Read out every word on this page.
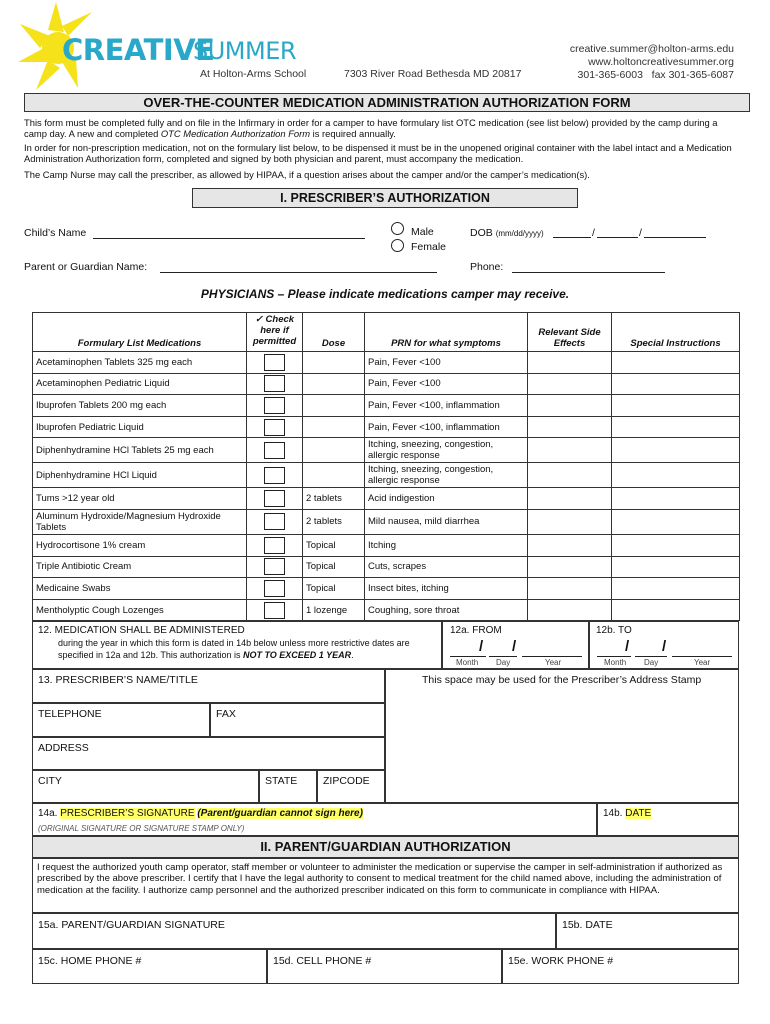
CREATIVE
SUMMER
At Holton-Arms School	7303 River Road Bethesda MD 20817
creative.summer@holton-arms.edu
www.holtoncreativesummer.org
301-365-6003 fax 301-365-6087
OVER-THE-COUNTER MEDICATION ADMINISTRATION AUTHORIZATION FORM
This form must be completed fully and on file in the Infirmary in order for a camper to have formulary list OTC medication (see list below) provided by the camp during a camp day. A new and completed OTC Medication Authorization Form is required annually.
In order for non-prescription medication, not on the formulary list below, to be dispensed it must be in the unopened original container with the label intact and a Medication Administration Authorization form, completed and signed by both physician and parent, must accompany the medication.
The Camp Nurse may call the prescriber, as allowed by HIPAA, if a question arises about the camper and/or the camper’s medication(s).
I. PRESCRIBER’S AUTHORIZATION
Child’s Name	Male
Female
DOB (mm/dd/yyyy)	/	/
Parent or Guardian Name:	Phone:
PHYSICIANS – Please indicate medications camper may receive.
Formulary List Medications	✓ Check here if permitted	Dose	PRN for what symptoms	Relevant Side Effects	Special Instructions
Acetaminophen Tablets 325 mg each			Pain, Fever <100		
Acetaminophen Pediatric Liquid			Pain, Fever <100		
Ibuprofen Tablets 200 mg each			Pain, Fever <100, inflammation		
Ibuprofen Pediatric Liquid			Pain, Fever <100, inflammation		
Diphenhydramine HCl Tablets 25 mg each			Itching, sneezing, congestion, allergic response		
Diphenhydramine HCl Liquid			Itching, sneezing, congestion, allergic response		
Tums >12 year old		2 tablets	Acid indigestion		
Aluminum Hydroxide/Magnesium Hydroxide Tablets		2 tablets	Mild nausea, mild diarrhea		
Hydrocortisone 1% cream		Topical	Itching		
Triple Antibiotic Cream		Topical	Cuts, scrapes		
Medicaine Swabs		Topical	Insect bites, itching		
Mentholyptic Cough Lozenges		1 lozenge	Coughing, sore throat		
12. MEDICATION SHALL BE ADMINISTERED
during the year in which this form is dated in 14b below unless more restrictive dates are specified in 12a and 12b. This authorization is NOT TO EXCEED 1 YEAR.
12a. FROM	12b. TO
/ /
Month Day	Year
/ /
Month Day	Year
13. PRESCRIBER’S NAME/TITLE	This space may be used for the Prescriber’s Address Stamp
TELEPHONE	FAX
ADDRESS
CITY	STATE ZIPCODE
14a. PRESCRIBER’S SIGNATURE (Parent/guardian cannot sign here)
(ORIGINAL SIGNATURE OR SIGNATURE STAMP ONLY)
14b. DATE
II. PARENT/GUARDIAN AUTHORIZATION
I request the authorized youth camp operator, staff member or volunteer to administer the medication or supervise the camper in self-administration if authorized as prescribed by the above prescriber. I certify that I have the legal authority to consent to medical treatment for the child named above, including the administration of medication at the facility. I authorize camp personnel and the authorized prescriber indicated on this form to communicate in compliance with HIPAA.
15a. PARENT/GUARDIAN SIGNATURE	15b. DATE
15c. HOME PHONE #	15d. CELL PHONE #	15e. WORK PHONE #
